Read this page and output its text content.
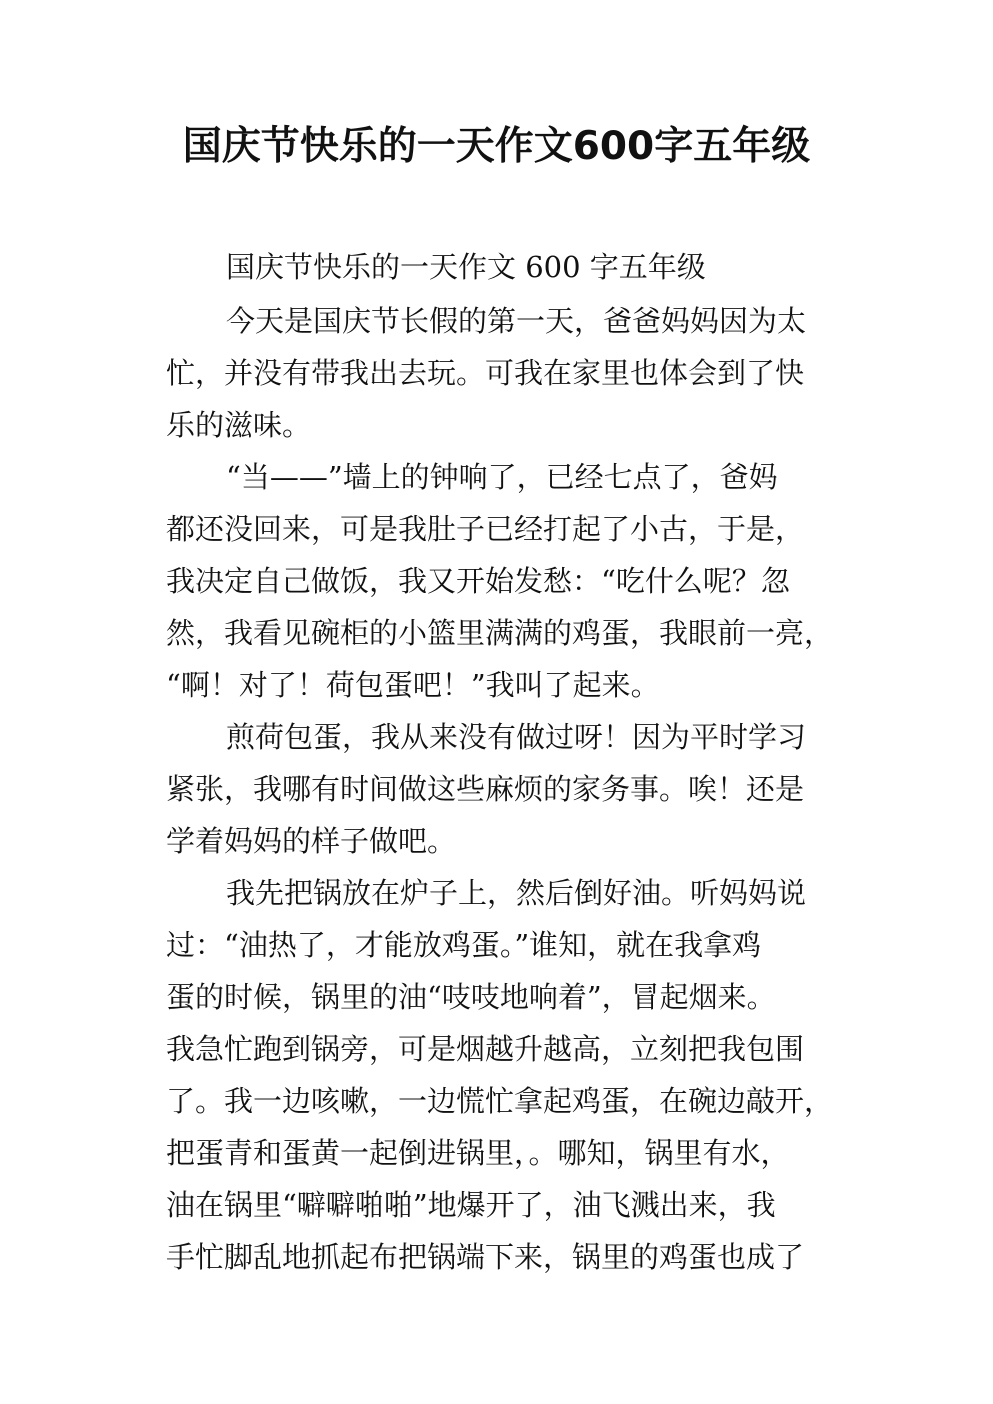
国庆节快乐的一天作文600字五年级

国庆节快乐的一天作文 600 字五年级

今天是国庆节长假的第一天，爸爸妈妈因为太

忙，并没有带我出去玩。可我在家里也体会到了快

乐的滋味。

“当——”墙上的钟响了，已经七点了，爸妈

都还没回来，可是我肚子已经打起了小古，于是，

我决定自己做饭，我又开始发愁：“吃什么呢？忽

然，我看见碗柜的小篮里满满的鸡蛋，我眼前一亮，

“啊！对了！荷包蛋吧！”我叫了起来。

煎荷包蛋，我从来没有做过呀！因为平时学习

紧张，我哪有时间做这些麻烦的家务事。唉！还是

学着妈妈的样子做吧。

我先把锅放在炉子上，然后倒好油。听妈妈说

过：“油热了，才能放鸡蛋。”谁知，就在我拿鸡

蛋的时候，锅里的油“吱吱地响着”，冒起烟来。

我急忙跑到锅旁，可是烟越升越高，立刻把我包围

了。我一边咳嗽，一边慌忙拿起鸡蛋，在碗边敲开，

把蛋青和蛋黄一起倒进锅里，。哪知，锅里有水，

油在锅里“噼噼啪啪”地爆开了，油飞溅出来，我

手忙脚乱地抓起布把锅端下来，锅里的鸡蛋也成了
